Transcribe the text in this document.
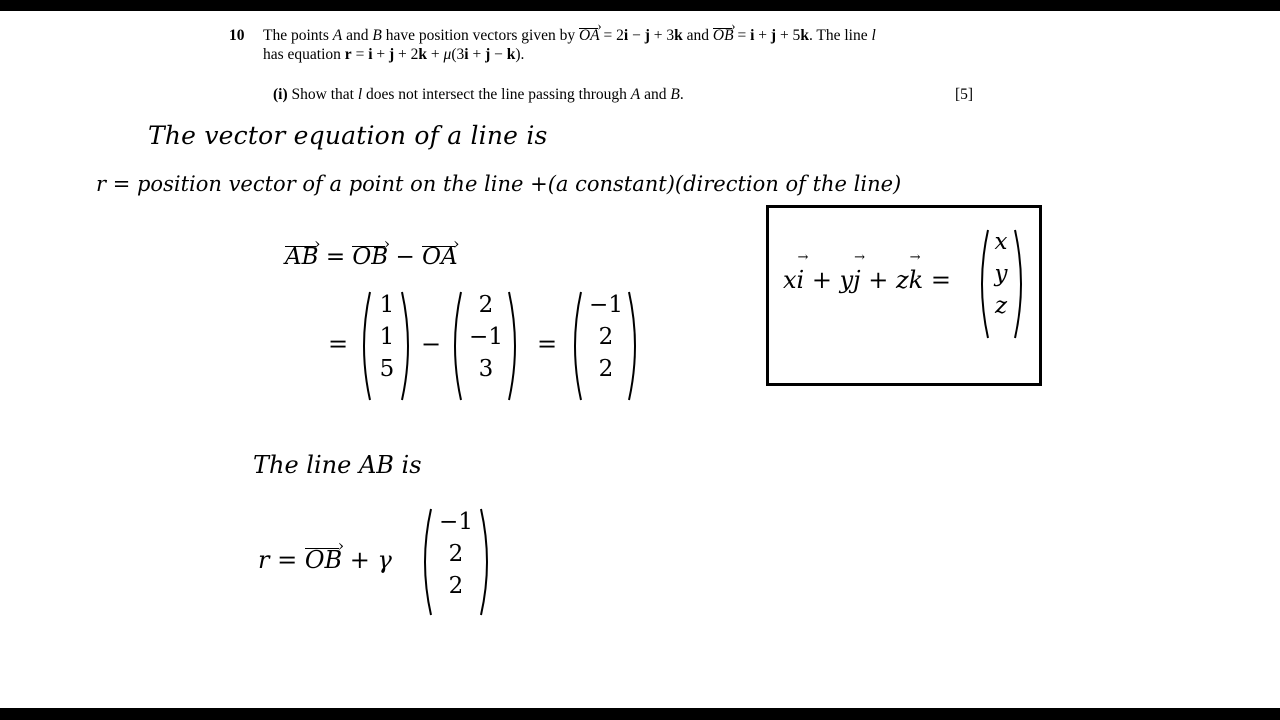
10 The points A and B have position vectors given by OA › = 2i − j + 3k and OB › = i + j + 5k. The line l
has equation r = i + j + 2k + μ(3i + j − k).
(i) Show that l does not intersect the line passing through A and B.	[5]
The vector equation of a line is
r = position vector of a point on the line +(a constant)(direction of the line)
AB › = OB › − OA ›
=
1
1
5
−
2
−1
3
=
−1
2
2
The line AB is
r = OB › + γ
−1
2
2
xi → + yj → + zk → =
x
y
z
